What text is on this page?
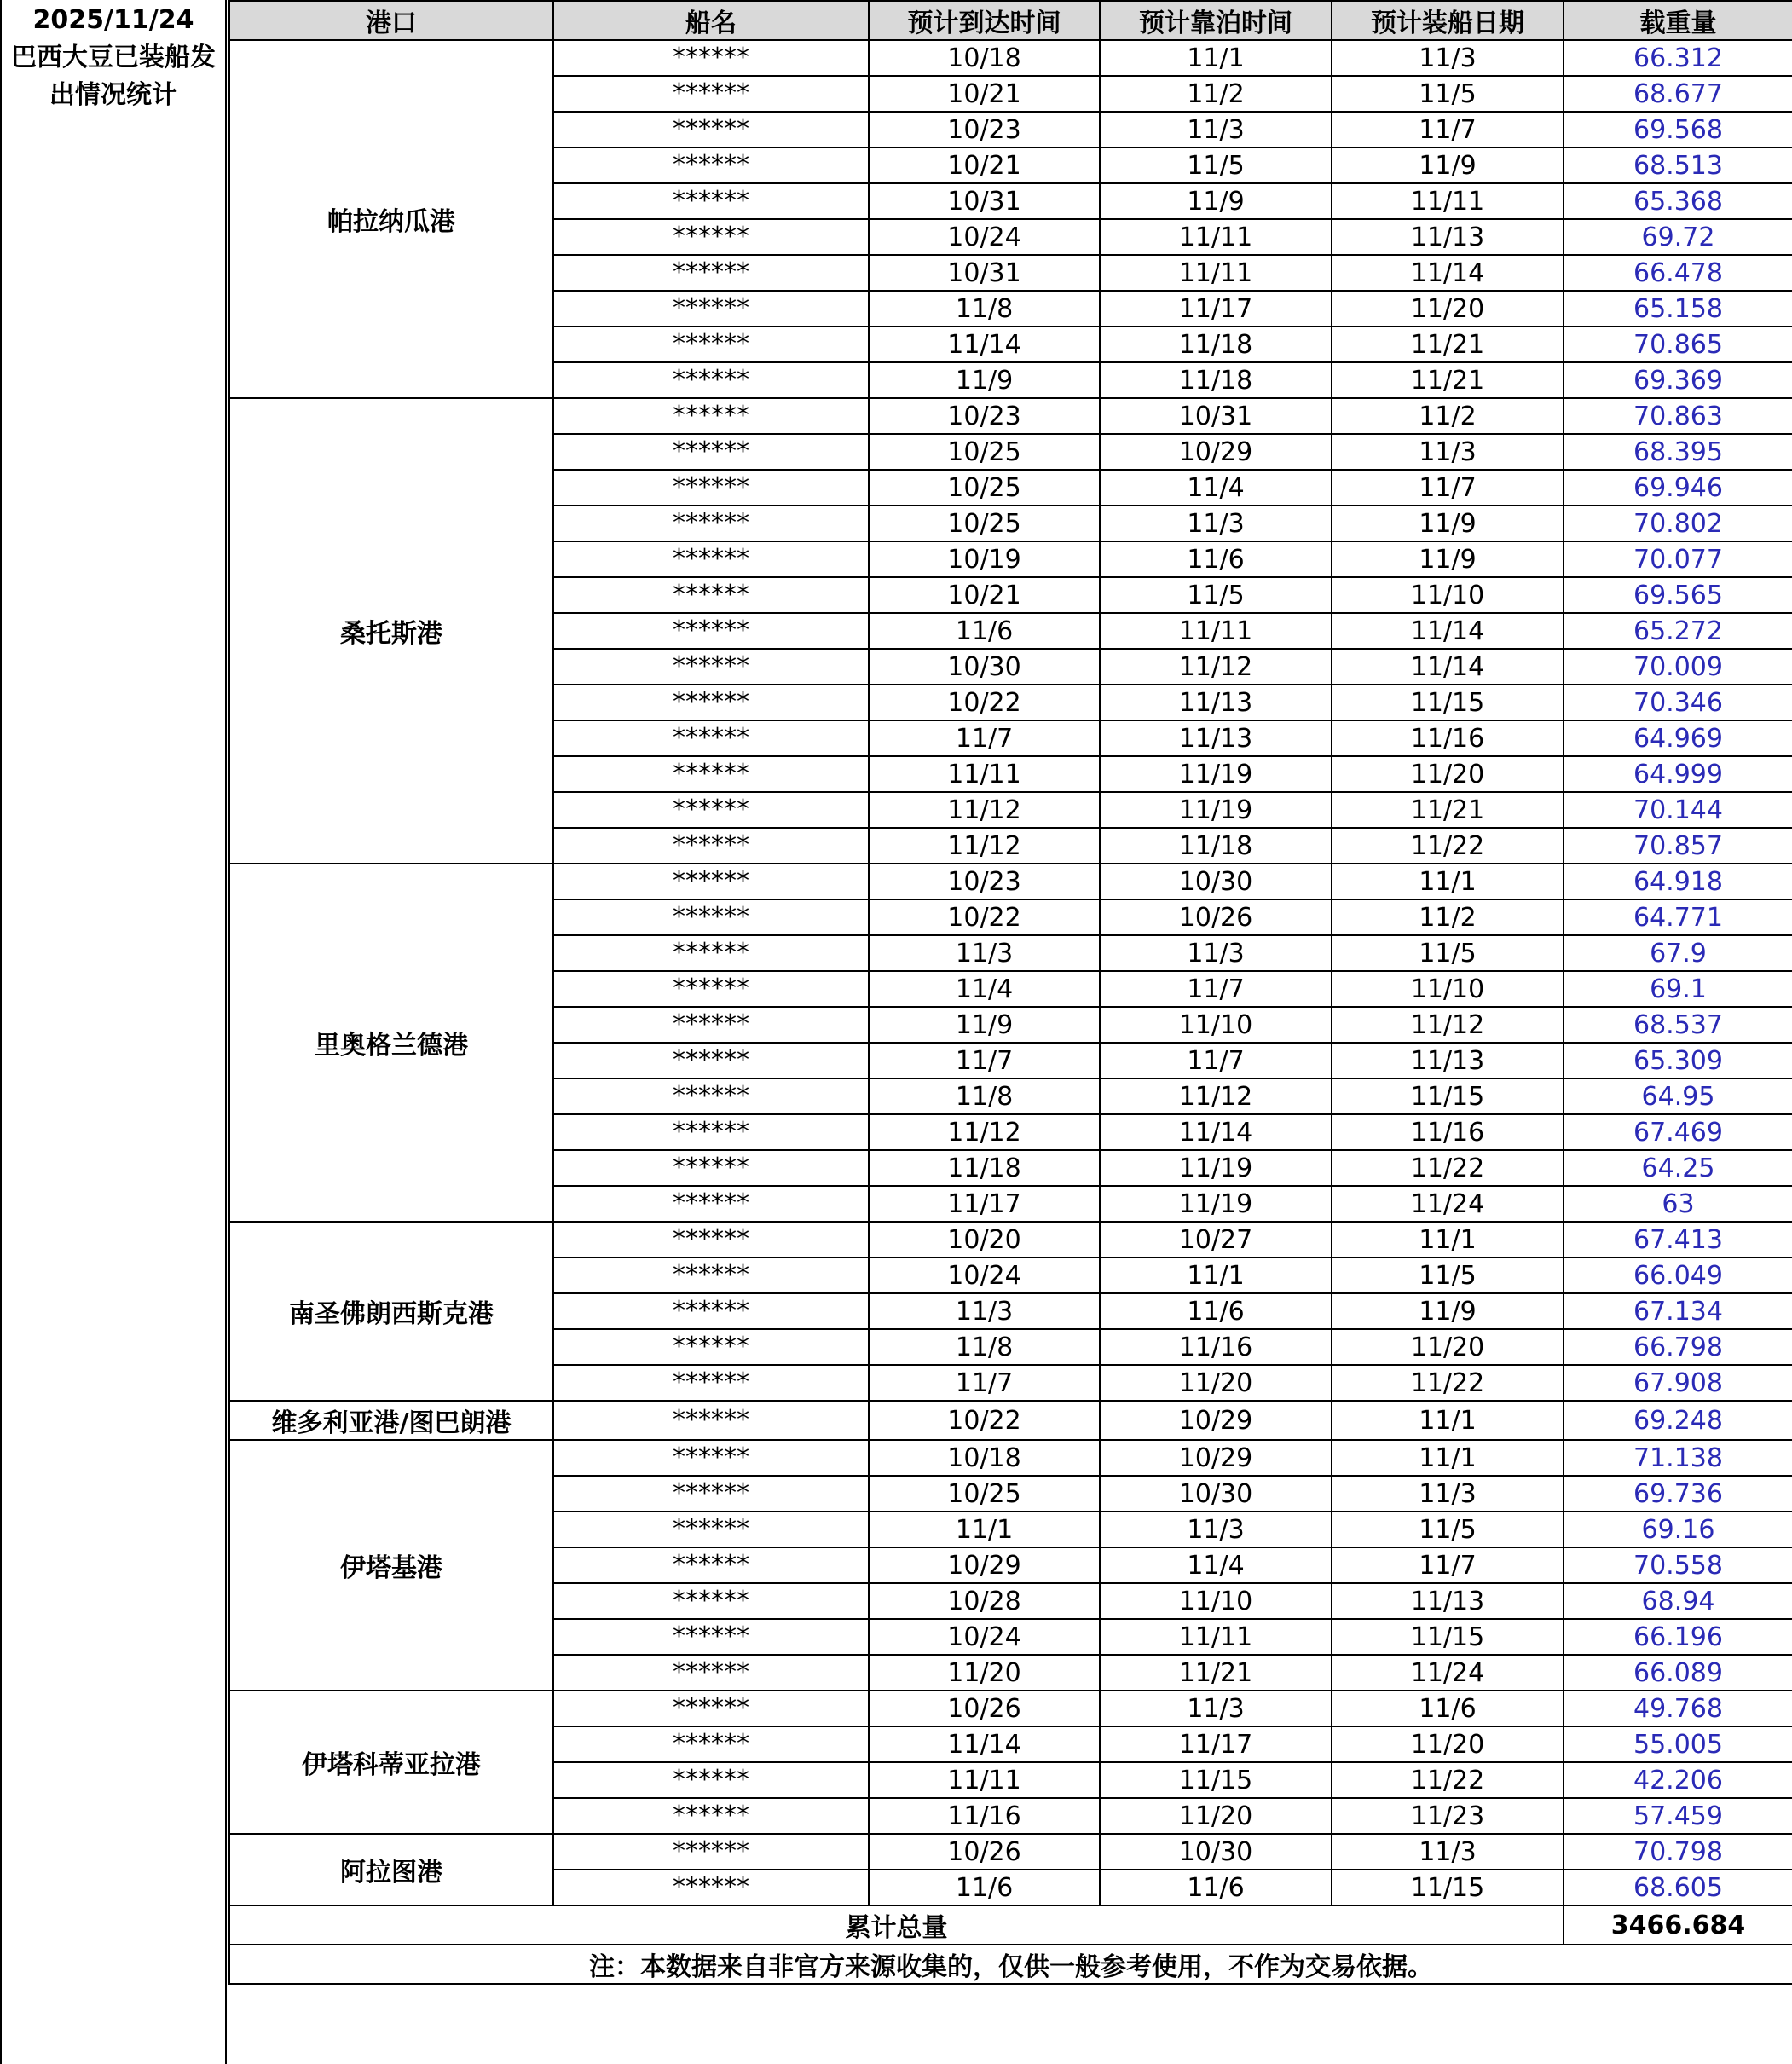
2025/11/24
巴西大豆已装船发
出情况统计
港口	船名	预计到达时间	预计靠泊时间	预计装船日期	载重量
帕拉纳瓜港	******	10/18	11/1	11/3	66.312
	******	10/21	11/2	11/5	68.677
	******	10/23	11/3	11/7	69.568
	******	10/21	11/5	11/9	68.513
	******	10/31	11/9	11/11	65.368
	******	10/24	11/11	11/13	69.72
	******	10/31	11/11	11/14	66.478
	******	11/8	11/17	11/20	65.158
	******	11/14	11/18	11/21	70.865
	******	11/9	11/18	11/21	69.369
桑托斯港	******	10/23	10/31	11/2	70.863
	******	10/25	10/29	11/3	68.395
	******	10/25	11/4	11/7	69.946
	******	10/25	11/3	11/9	70.802
	******	10/19	11/6	11/9	70.077
	******	10/21	11/5	11/10	69.565
	******	11/6	11/11	11/14	65.272
	******	10/30	11/12	11/14	70.009
	******	10/22	11/13	11/15	70.346
	******	11/7	11/13	11/16	64.969
	******	11/11	11/19	11/20	64.999
	******	11/12	11/19	11/21	70.144
	******	11/12	11/18	11/22	70.857
里奥格兰德港	******	10/23	10/30	11/1	64.918
	******	10/22	10/26	11/2	64.771
	******	11/3	11/3	11/5	67.9
	******	11/4	11/7	11/10	69.1
	******	11/9	11/10	11/12	68.537
	******	11/7	11/7	11/13	65.309
	******	11/8	11/12	11/15	64.95
	******	11/12	11/14	11/16	67.469
	******	11/18	11/19	11/22	64.25
	******	11/17	11/19	11/24	63
南圣佛朗西斯克港	******	10/20	10/27	11/1	67.413
	******	10/24	11/1	11/5	66.049
	******	11/3	11/6	11/9	67.134
	******	11/8	11/16	11/20	66.798
	******	11/7	11/20	11/22	67.908
维多利亚港/图巴朗港	******	10/22	10/29	11/1	69.248
伊塔基港	******	10/18	10/29	11/1	71.138
	******	10/25	10/30	11/3	69.736
	******	11/1	11/3	11/5	69.16
	******	10/29	11/4	11/7	70.558
	******	10/28	11/10	11/13	68.94
	******	10/24	11/11	11/15	66.196
	******	11/20	11/21	11/24	66.089
伊塔科蒂亚拉港	******	10/26	11/3	11/6	49.768
	******	11/14	11/17	11/20	55.005
	******	11/11	11/15	11/22	42.206
	******	11/16	11/20	11/23	57.459
阿拉图港	******	10/26	10/30	11/3	70.798
	******	11/6	11/6	11/15	68.605
累计总量					3466.684
注：本数据来自非官方来源收集的，仅供一般参考使用，不作为交易依据。					
